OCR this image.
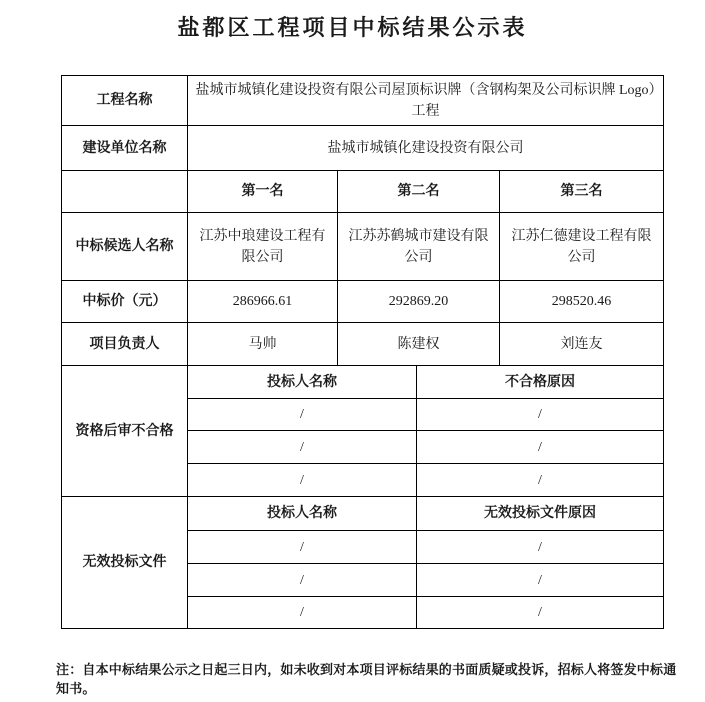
盐都区工程项目中标结果公示表
工程名称	盐城市城镇化建设投资有限公司屋顶标识牌（含钢构架及公司标识牌 Logo）工程			
建设单位名称	盐城市城镇化建设投资有限公司			
	第一名	第二名		第三名
中标候选人名称	江苏中琅建设工程有限公司	江苏苏鹤城市建设有限公司		江苏仁德建设工程有限公司
中标价（元）	286966.61	292869.20		298520.46
项目负责人	马帅	陈建权		刘连友
资格后审不合格	投标人名称		不合格原因	
	/		/	
	/		/	
	/		/	
无效投标文件	投标人名称		无效投标文件原因	
	/		/	
	/		/	
	/		/	
注：自本中标结果公示之日起三日内，如未收到对本项目评标结果的书面质疑或投诉，招标人将签发中标通知书。
